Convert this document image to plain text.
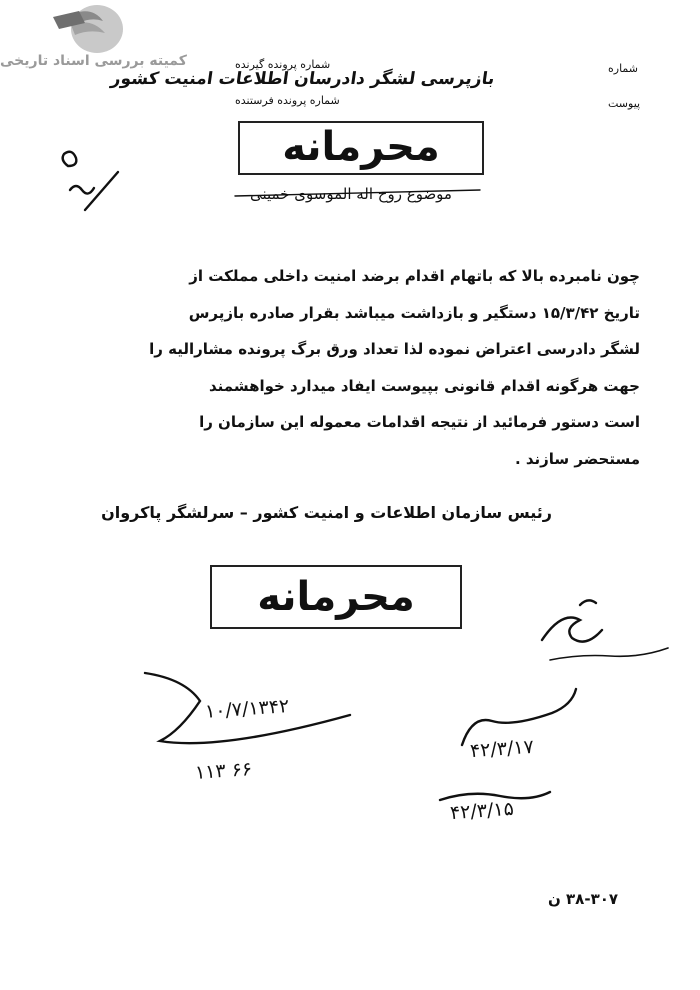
کمیته بررسی اسناد تاریخی	شماره پرونده گیرنده
شماره پرونده فرستنده
شماره
پیوست
بازپرسی لشگر دادرسان اطلاعات امنیت کشور
محرمانه
موضوع روح اله الموسوی خمینی
چون نامبرده بالا که باتهام اقدام برضد امنیت داخلی مملکت از
تاریخ ۱۵/۳/۴۲ دستگیر و بازداشت میباشد بقرار صادره بازپرس
لشگر دادرسی اعتراض نموده لذا تعداد ورق برگ پرونده مشارالیه را
جهت هرگونه اقدام قانونی بپیوست ایفاد میدارد خواهشمند
است دستور فرمائید از نتیجه اقدامات معموله این سازمان را
مستحضر سازند .
رئیس سازمان اطلاعات و امنیت کشور – سرلشگر پاکروان
محرمانه
۱۰/۷/۱۳۴۲
۶۶ ۱۱۳
۴۲/۳/۱۷
۴۲/۳/۱۵
۳۸-۳۰۷ ن
